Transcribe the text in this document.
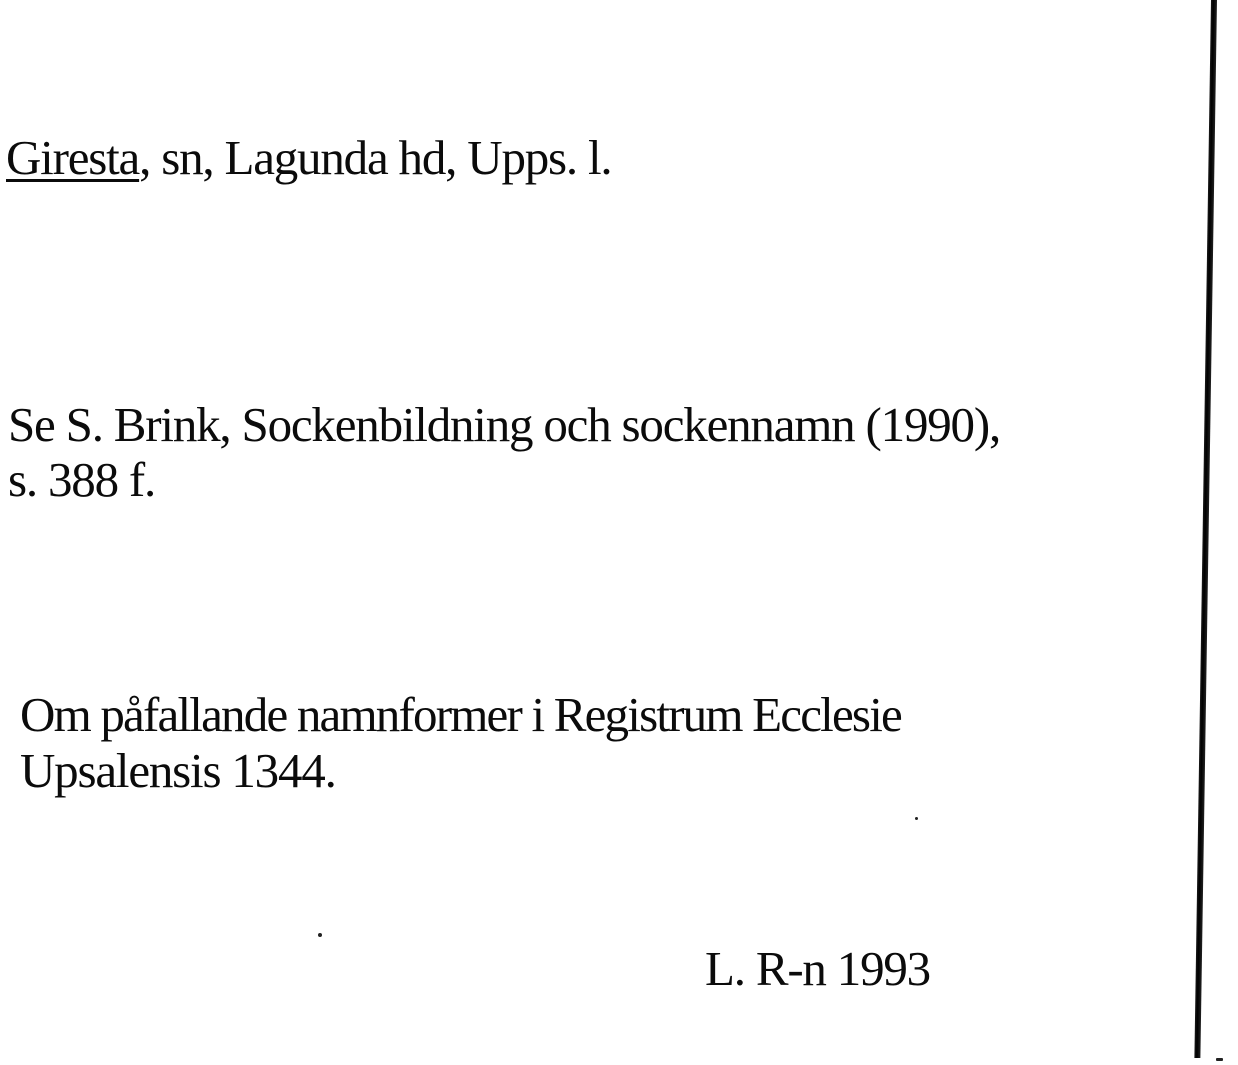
Giresta, sn, Lagunda hd, Upps. l.
Se S. Brink, Sockenbildning och sockennamn (1990),
s. 388 f.
Om påfallande namnformer i Registrum Ecclesie
Upsalensis 1344.
L. R-n 1993
